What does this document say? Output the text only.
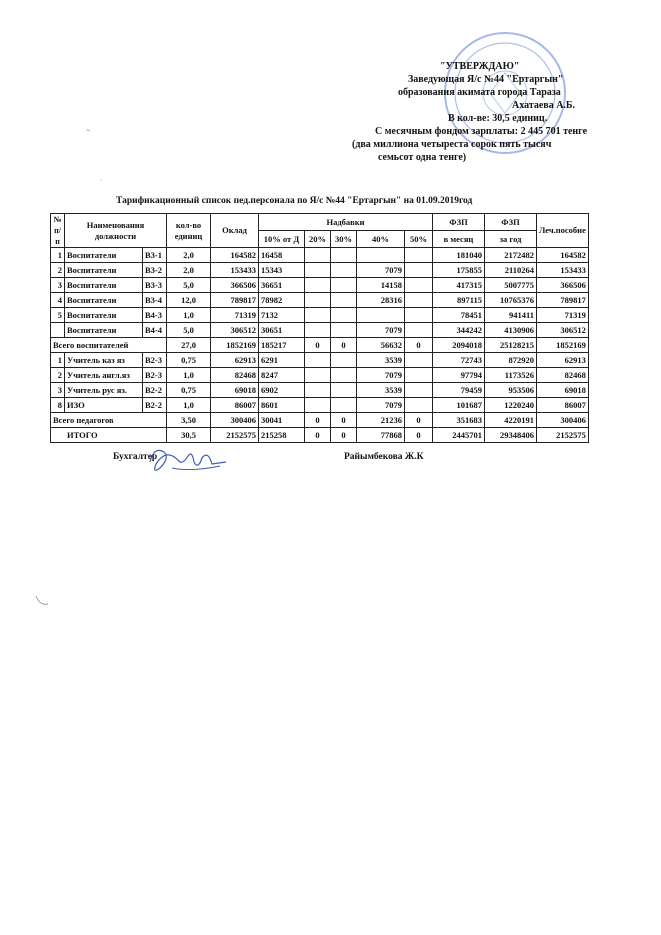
"УТВЕРЖДАЮ"
Заведующая Я/с №44 "Ертаргын"
образования акимата города Тараза
Ахатаева А.Б.
В кол-ве: 30,5 единиц.
С месячным фондом зарплаты: 2 445 701 тенге
(два миллиона четыреста сорок пять тысяч
семьсот одна тенге)
~
·
Тарификационный список пед.персонала по Я/с №44 "Ертаргын" на 01.09.2019год
№ п/п	Наименования должности		кол-во единиц	Оклад	Надбавки					ФЗП	ФЗП	Леч.пособие
					10% от Д	20%	30%	40%	50%	в месяц	за год	
1	Воспитатели	В3-1	2,0	164582	16458					181040	2172482	164582
2	Воспитатели	В3-2	2,0	153433	15343			7079		175855	2110264	153433
3	Воспитатели	В3-3	5,0	366506	36651			14158		417315	5007775	366506
4	Воспитатели	В3-4	12,0	789817	78982			28316		897115	10765376	789817
5	Воспитатели	В4-3	1,0	71319	7132					78451	941411	71319
	Воспитатели	В4-4	5,0	306512	30651			7079		344242	4130906	306512
Всего воспитателей			27,0	1852169	185217	0	0	56632	0	2094018	25128215	1852169
1	Учитель каз яз	В2-3	0,75	62913	6291			3539		72743	872920	62913
2	Учитель англ.яз	В2-3	1,0	82468	8247			7079		97794	1173526	82468
3	Учитель рус яз.	В2-2	0,75	69018	6902			3539		79459	953506	69018
8	ИЗО	В2-2	1,0	86007	8601			7079		101687	1220240	86007
Всего педагогов			3,50	300406	30041	0	0	21236	0	351683	4220191	300406
ИТОГО			30,5	2152575	215258	0	0	77868	0	2445701	29348406	2152575
Бухгалтер	Райымбекова Ж.К
